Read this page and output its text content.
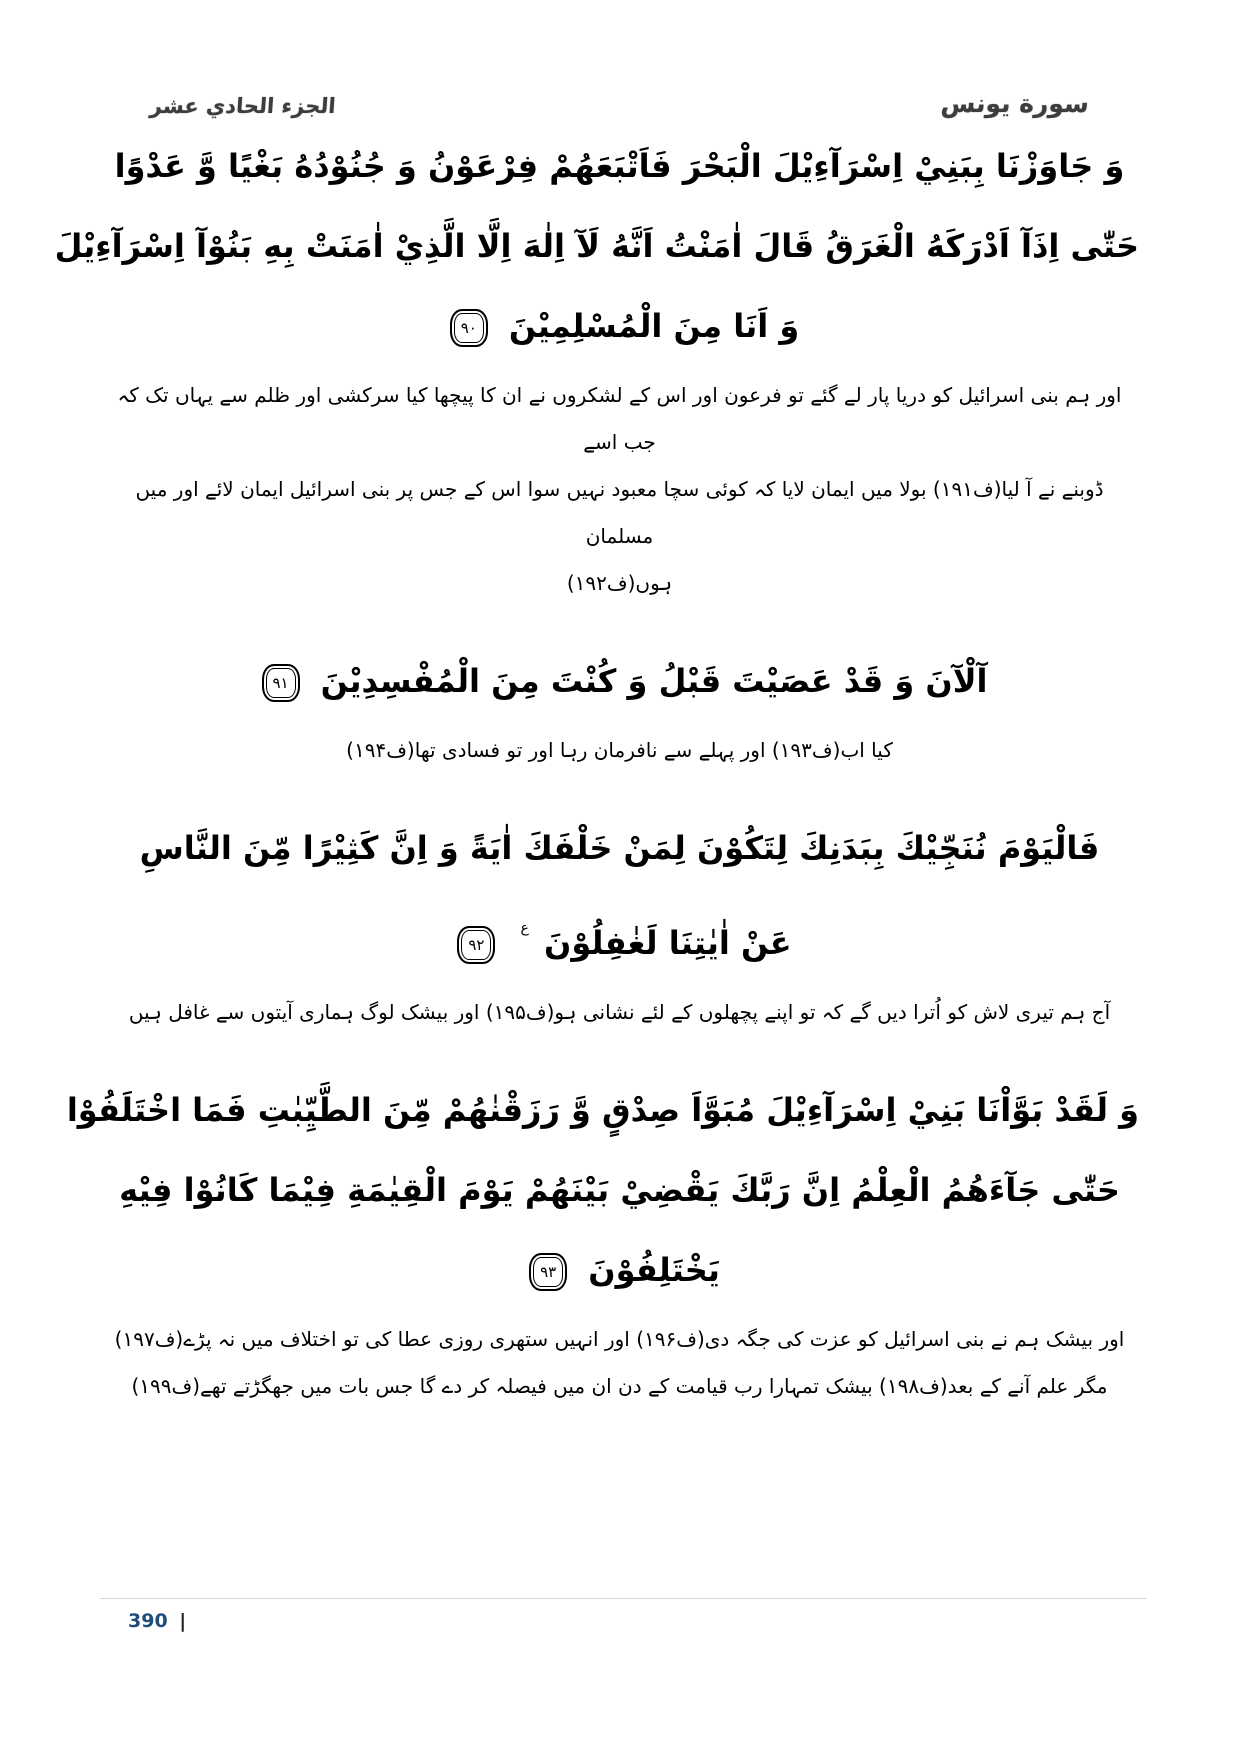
الجزء الحادي عشر	سورة يونس
وَ جَاوَزْنَا بِبَنِيْ اِسْرَآءِيْلَ الْبَحْرَ فَاَتْبَعَهُمْ فِرْعَوْنُ وَ جُنُوْدُهُ بَغْيًا وَّ عَدْوًا
حَتّٰى اِذَآ اَدْرَكَهُ الْغَرَقُ قَالَ اٰمَنْتُ اَنَّهُ لَآ اِلٰهَ اِلَّا الَّذِيْ اٰمَنَتْ بِهِ بَنُوْآ اِسْرَآءِيْلَ
وَ اَنَا مِنَ الْمُسْلِمِيْنَ ٩٠
اور ہم بنی اسرائیل کو دریا پار لے گئے تو فرعون اور اس کے لشکروں نے ان کا پیچھا کیا سرکشی اور ظلم سے یہاں تک کہ جب اسے
ڈوبنے نے آ لیا(ف۱۹۱) بولا میں ایمان لایا کہ کوئی سچا معبود نہیں سوا اس کے جس پر بنی اسرائیل ایمان لائے اور میں مسلمان
ہوں(ف۱۹۲)
آلْآنَ وَ قَدْ عَصَيْتَ قَبْلُ وَ كُنْتَ مِنَ الْمُفْسِدِيْنَ ٩١
کیا اب(ف۱۹۳) اور پہلے سے نافرمان رہا اور تو فسادی تھا(ف۱۹۴)
فَالْيَوْمَ نُنَجِّيْكَ بِبَدَنِكَ لِتَكُوْنَ لِمَنْ خَلْفَكَ اٰيَةً وَ اِنَّ كَثِيْرًا مِّنَ النَّاسِ
عَنْ اٰيٰتِنَا لَغٰفِلُوْنَ $^ع$ ٩٢
آج ہم تیری لاش کو اُترا دیں گے کہ تو اپنے پچھلوں کے لئے نشانی ہو(ف۱۹۵) اور بیشک لوگ ہماری آیتوں سے غافل ہیں
وَ لَقَدْ بَوَّاْنَا بَنِيْ اِسْرَآءِيْلَ مُبَوَّاَ صِدْقٍ وَّ رَزَقْنٰهُمْ مِّنَ الطَّيِّبٰتِ فَمَا اخْتَلَفُوْا
حَتّٰى جَآءَهُمُ الْعِلْمُ اِنَّ رَبَّكَ يَقْضِيْ بَيْنَهُمْ يَوْمَ الْقِيٰمَةِ فِيْمَا كَانُوْا فِيْهِ
يَخْتَلِفُوْنَ ٩٣
اور بیشک ہم نے بنی اسرائیل کو عزت کی جگہ دی(ف۱۹۶) اور انہیں ستھری روزی عطا کی تو اختلاف میں نہ پڑے(ف۱۹۷)
مگر علم آنے کے بعد(ف۱۹۸) بیشک تمہارا رب قیامت کے دن ان میں فیصلہ کر دے گا جس بات میں جھگڑتے تھے(ف۱۹۹)
390 |
